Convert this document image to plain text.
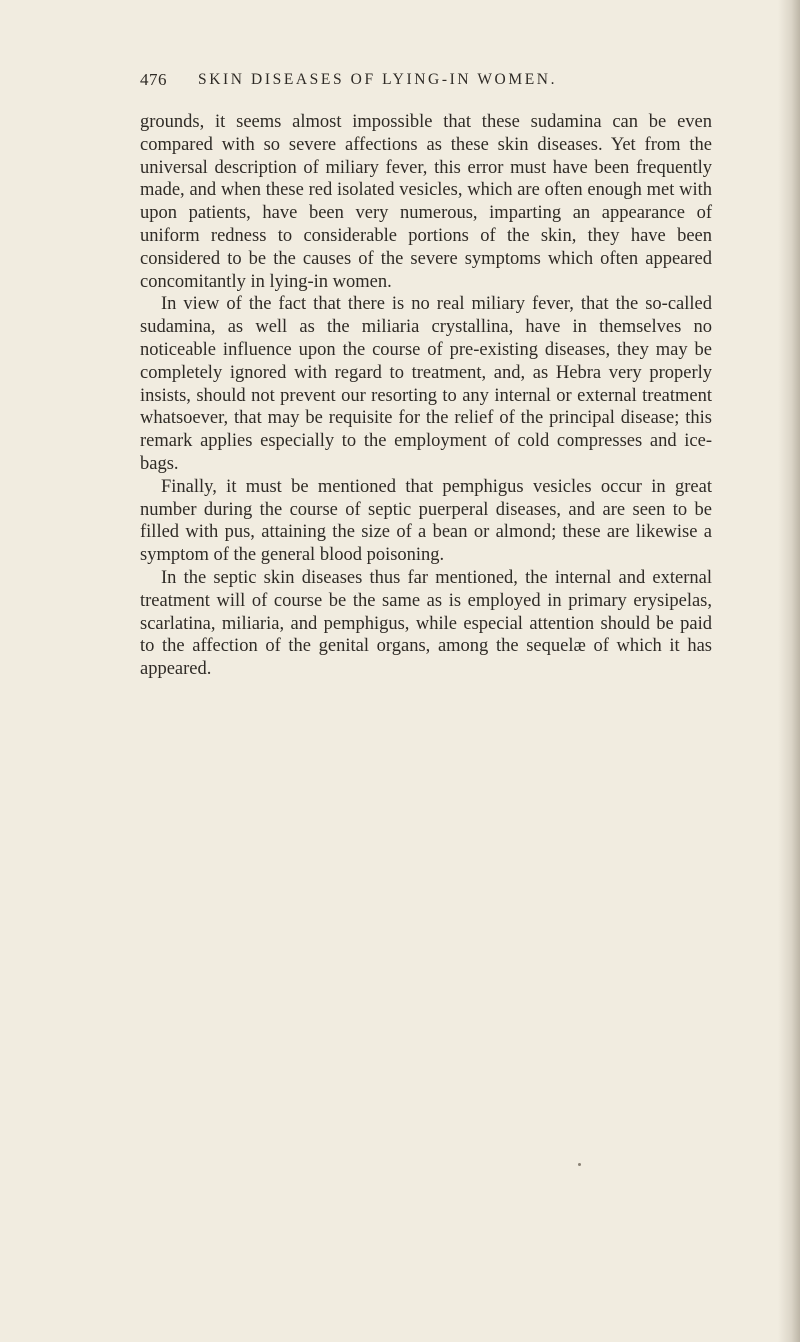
476 SKIN DISEASES OF LYING-IN WOMEN.

grounds, it seems almost impossible that these sudamina can be even compared with so severe affections as these skin diseases. Yet from the universal description of miliary fever, this error must have been frequently made, and when these red isolated vesicles, which are often enough met with upon patients, have been very numerous, imparting an appearance of uniform redness to considerable portions of the skin, they have been considered to be the causes of the severe symptoms which often appeared concomitantly in lying-in women.

In view of the fact that there is no real miliary fever, that the so-called sudamina, as well as the miliaria crystallina, have in themselves no noticeable influence upon the course of pre-existing diseases, they may be completely ignored with regard to treatment, and, as Hebra very properly insists, should not prevent our resorting to any internal or external treatment whatsoever, that may be requisite for the relief of the principal disease; this remark applies especially to the employment of cold compresses and ice-bags.

Finally, it must be mentioned that pemphigus vesicles occur in great number during the course of septic puerperal diseases, and are seen to be filled with pus, attaining the size of a bean or almond; these are likewise a symptom of the general blood poisoning.

In the septic skin diseases thus far mentioned, the internal and external treatment will of course be the same as is employed in primary erysipelas, scarlatina, miliaria, and pemphigus, while especial attention should be paid to the affection of the genital organs, among the sequelæ of which it has appeared.
